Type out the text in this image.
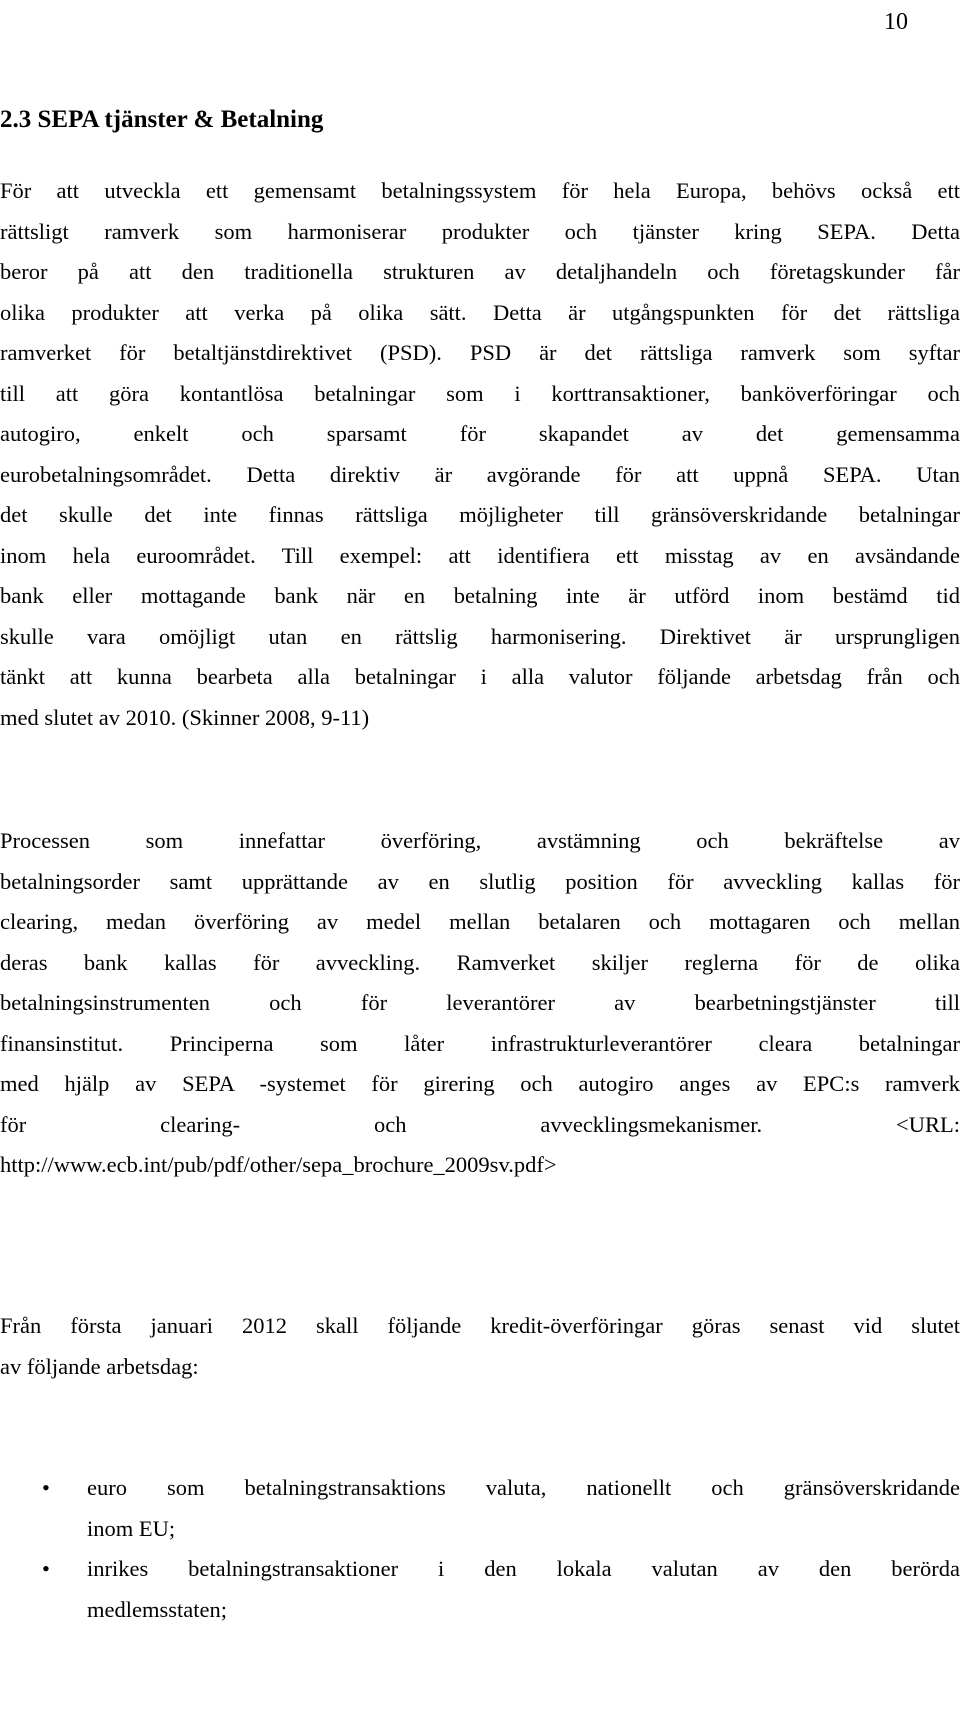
10
2.3 SEPA tjänster & Betalning
För att utveckla ett gemensamt betalningssystem för hela Europa, behövs också ett
rättsligt ramverk som harmoniserar produkter och tjänster kring SEPA. Detta
beror på att den traditionella strukturen av detaljhandeln och företagskunder får
olika produkter att verka på olika sätt. Detta är utgångspunkten för det rättsliga
ramverket för betaltjänstdirektivet (PSD). PSD är det rättsliga ramverk som syftar
till att göra kontantlösa betalningar som i korttransaktioner, banköverföringar och
autogiro, enkelt och sparsamt för skapandet av det gemensamma
eurobetalningsområdet. Detta direktiv är avgörande för att uppnå SEPA. Utan
det skulle det inte finnas rättsliga möjligheter till gränsöverskridande betalningar
inom hela euroområdet. Till exempel: att identifiera ett misstag av en avsändande
bank eller mottagande bank när en betalning inte är utförd inom bestämd tid
skulle vara omöjligt utan en rättslig harmonisering. Direktivet är ursprungligen
tänkt att kunna bearbeta alla betalningar i alla valutor följande arbetsdag från och
med slutet av 2010. (Skinner 2008, 9-11)
Processen som innefattar överföring, avstämning och bekräftelse av
betalningsorder samt upprättande av en slutlig position för avveckling kallas för
clearing, medan överföring av medel mellan betalaren och mottagaren och mellan
deras bank kallas för avveckling. Ramverket skiljer reglerna för de olika
betalningsinstrumenten och för leverantörer av bearbetningstjänster till
finansinstitut. Principerna som låter infrastrukturleverantörer cleara betalningar
med hjälp av SEPA -systemet för girering och autogiro anges av EPC:s ramverk
för clearing- och avvecklingsmekanismer. <URL:
http://www.ecb.int/pub/pdf/other/sepa_brochure_2009sv.pdf>
Från första januari 2012 skall följande kredit-överföringar göras senast vid slutet
av följande arbetsdag:
• euro som betalningstransaktions valuta, nationellt och gränsöverskridande
inom EU;
• inrikes betalningstransaktioner i den lokala valutan av den berörda
medlemsstaten;
